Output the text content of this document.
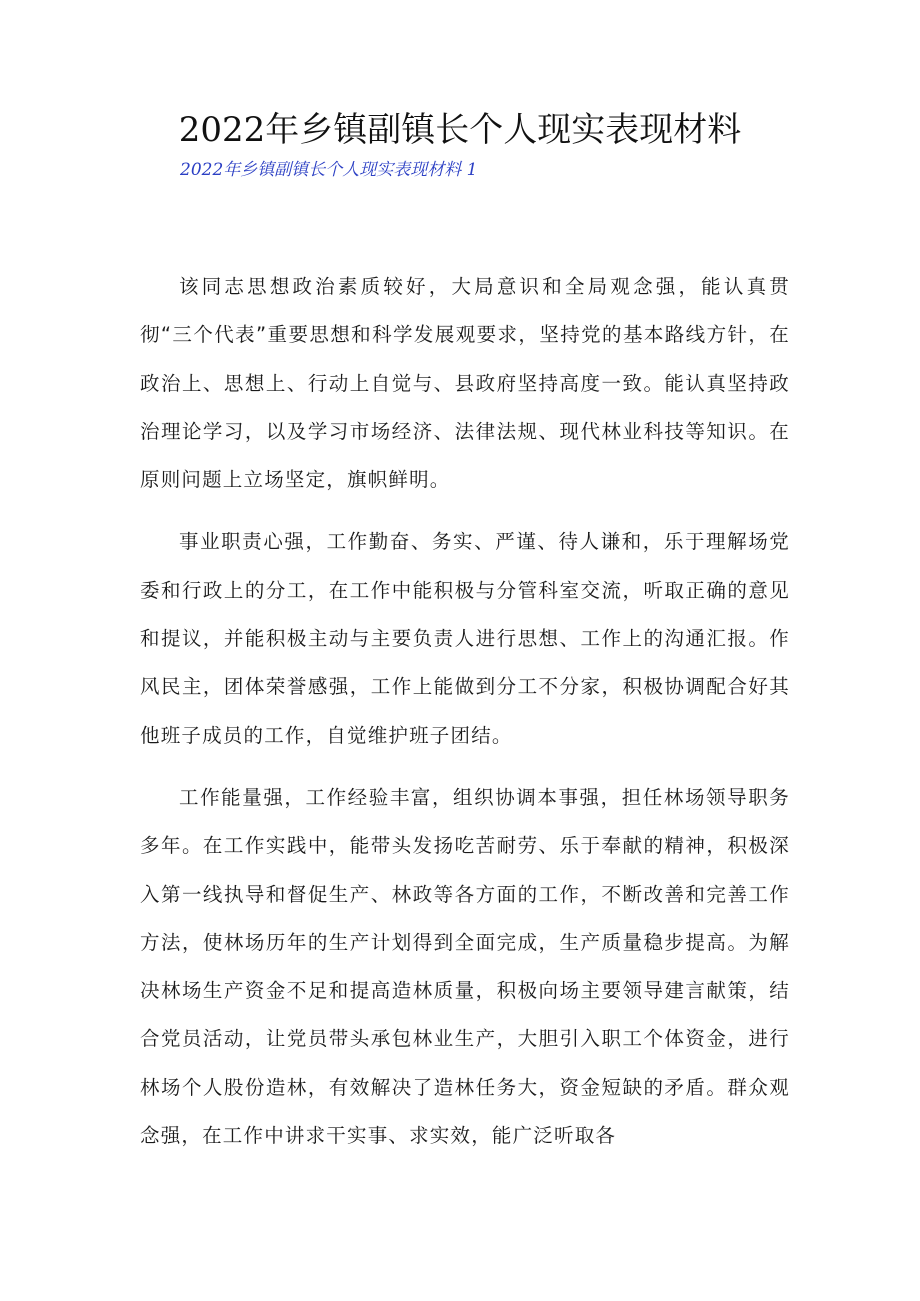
2022年乡镇副镇长个人现实表现材料
2022年乡镇副镇长个人现实表现材料 1

该同志思想政治素质较好，大局意识和全局观念强，能认真贯彻“三个代表”重要思想和科学发展观要求，坚持党的基本路线方针，在政治上、思想上、行动上自觉与、县政府坚持高度一致。能认真坚持政治理论学习，以及学习市场经济、法律法规、现代林业科技等知识。在原则问题上立场坚定，旗帜鲜明。

事业职责心强，工作勤奋、务实、严谨、待人谦和，乐于理解场党委和行政上的分工，在工作中能积极与分管科室交流，听取正确的意见和提议，并能积极主动与主要负责人进行思想、工作上的沟通汇报。作风民主，团体荣誉感强，工作上能做到分工不分家，积极协调配合好其他班子成员的工作，自觉维护班子团结。

工作能量强，工作经验丰富，组织协调本事强，担任林场领导职务多年。在工作实践中，能带头发扬吃苦耐劳、乐于奉献的精神，积极深入第一线执导和督促生产、林政等各方面的工作，不断改善和完善工作方法，使林场历年的生产计划得到全面完成，生产质量稳步提高。为解决林场生产资金不足和提高造林质量，积极向场主要领导建言献策，结合党员活动，让党员带头承包林业生产，大胆引入职工个体资金，进行林场个人股份造林，有效解决了造林任务大，资金短缺的矛盾。群众观念强，在工作中讲求干实事、求实效，能广泛听取各
